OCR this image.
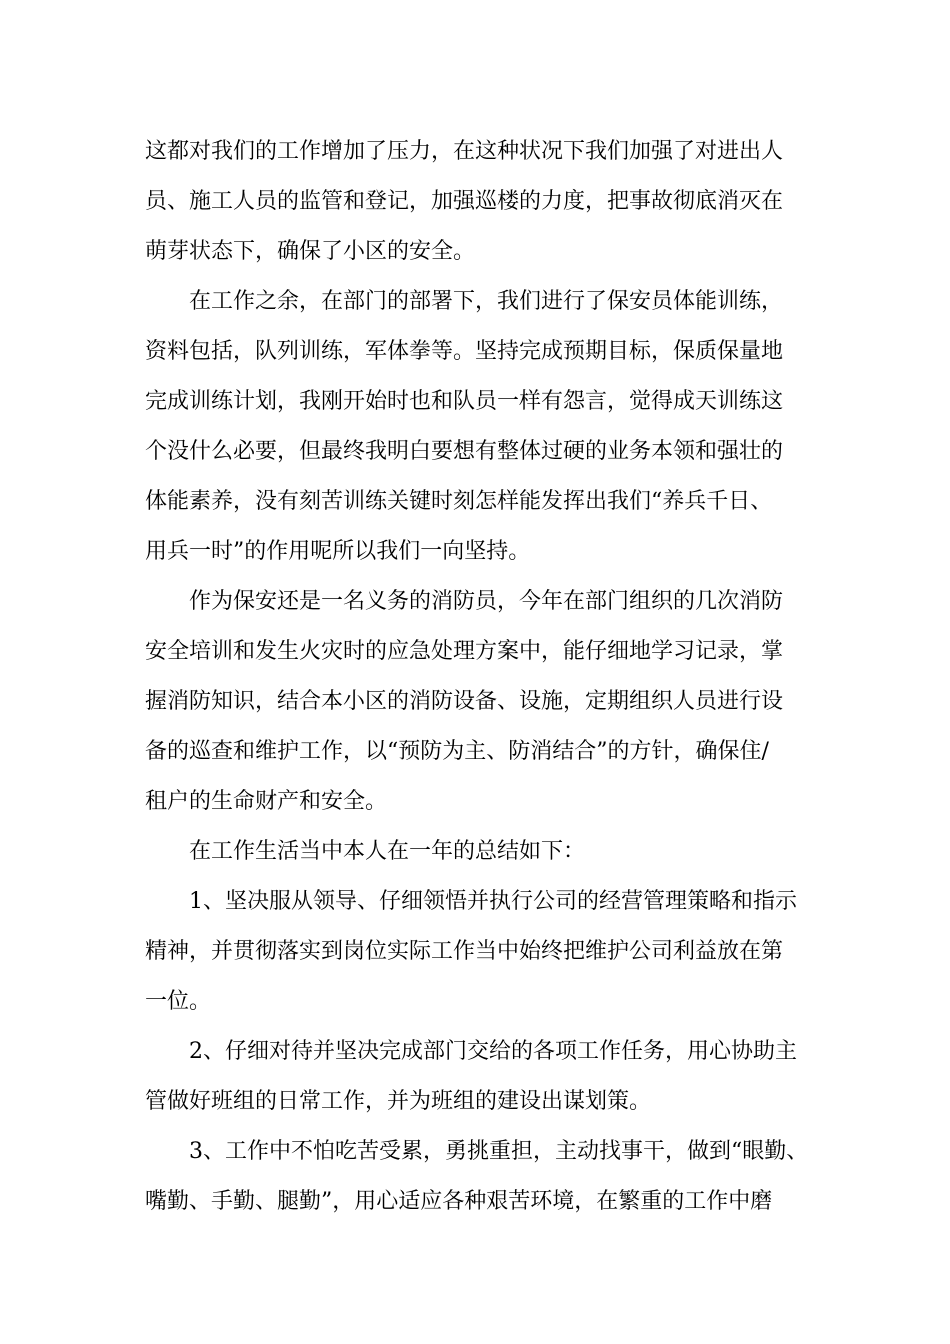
这都对我们的工作增加了压力，在这种状况下我们加强了对进出人
员、施工人员的监管和登记，加强巡楼的力度，把事故彻底消灭在
萌芽状态下，确保了小区的安全。
在工作之余，在部门的部署下，我们进行了保安员体能训练，
资料包括，队列训练，军体拳等。坚持完成预期目标，保质保量地
完成训练计划，我刚开始时也和队员一样有怨言，觉得成天训练这
个没什么必要，但最终我明白要想有整体过硬的业务本领和强壮的
体能素养，没有刻苦训练关键时刻怎样能发挥出我们“养兵千日、
用兵一时”的作用呢所以我们一向坚持。
作为保安还是一名义务的消防员，今年在部门组织的几次消防
安全培训和发生火灾时的应急处理方案中，能仔细地学习记录，掌
握消防知识，结合本小区的消防设备、设施，定期组织人员进行设
备的巡查和维护工作，以“预防为主、防消结合”的方针，确保住/
租户的生命财产和安全。
在工作生活当中本人在一年的总结如下：
1、坚决服从领导、仔细领悟并执行公司的经营管理策略和指示
精神，并贯彻落实到岗位实际工作当中始终把维护公司利益放在第
一位。
2、仔细对待并坚决完成部门交给的各项工作任务，用心协助主
管做好班组的日常工作，并为班组的建设出谋划策。
3、工作中不怕吃苦受累，勇挑重担，主动找事干，做到“眼勤、
嘴勤、手勤、腿勤”，用心适应各种艰苦环境，在繁重的工作中磨
